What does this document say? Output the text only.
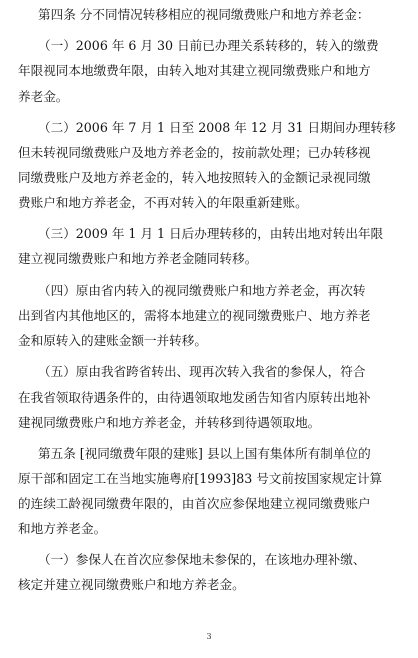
第四条 分不同情况转移相应的视同缴费账户和地方养老金：
（一）2006 年 6 月 30 日前已办理关系转移的，转入的缴费
年限视同本地缴费年限，由转入地对其建立视同缴费账户和地方
养老金。
（二）2006 年 7 月 1 日至 2008 年 12 月 31 日期间办理转移
但未转视同缴费账户及地方养老金的，按前款处理；已办转移视
同缴费账户及地方养老金的，转入地按照转入的金额记录视同缴
费账户和地方养老金，不再对转入的年限重新建账。
（三）2009 年 1 月 1 日后办理转移的，由转出地对转出年限
建立视同缴费账户和地方养老金随同转移。
（四）原由省内转入的视同缴费账户和地方养老金，再次转
出到省内其他地区的，需将本地建立的视同缴费账户、地方养老
金和原转入的建账金额一并转移。
（五）原由我省跨省转出、现再次转入我省的参保人，符合
在我省领取待遇条件的，由待遇领取地发函告知省内原转出地补
建视同缴费账户和地方养老金，并转移到待遇领取地。
第五条 [视同缴费年限的建账] 县以上国有集体所有制单位的
原干部和固定工在当地实施粤府[1993]83 号文前按国家规定计算
的连续工龄视同缴费年限的，由首次应参保地建立视同缴费账户
和地方养老金。
（一）参保人在首次应参保地未参保的，在该地办理补缴、
核定并建立视同缴费账户和地方养老金。
3
